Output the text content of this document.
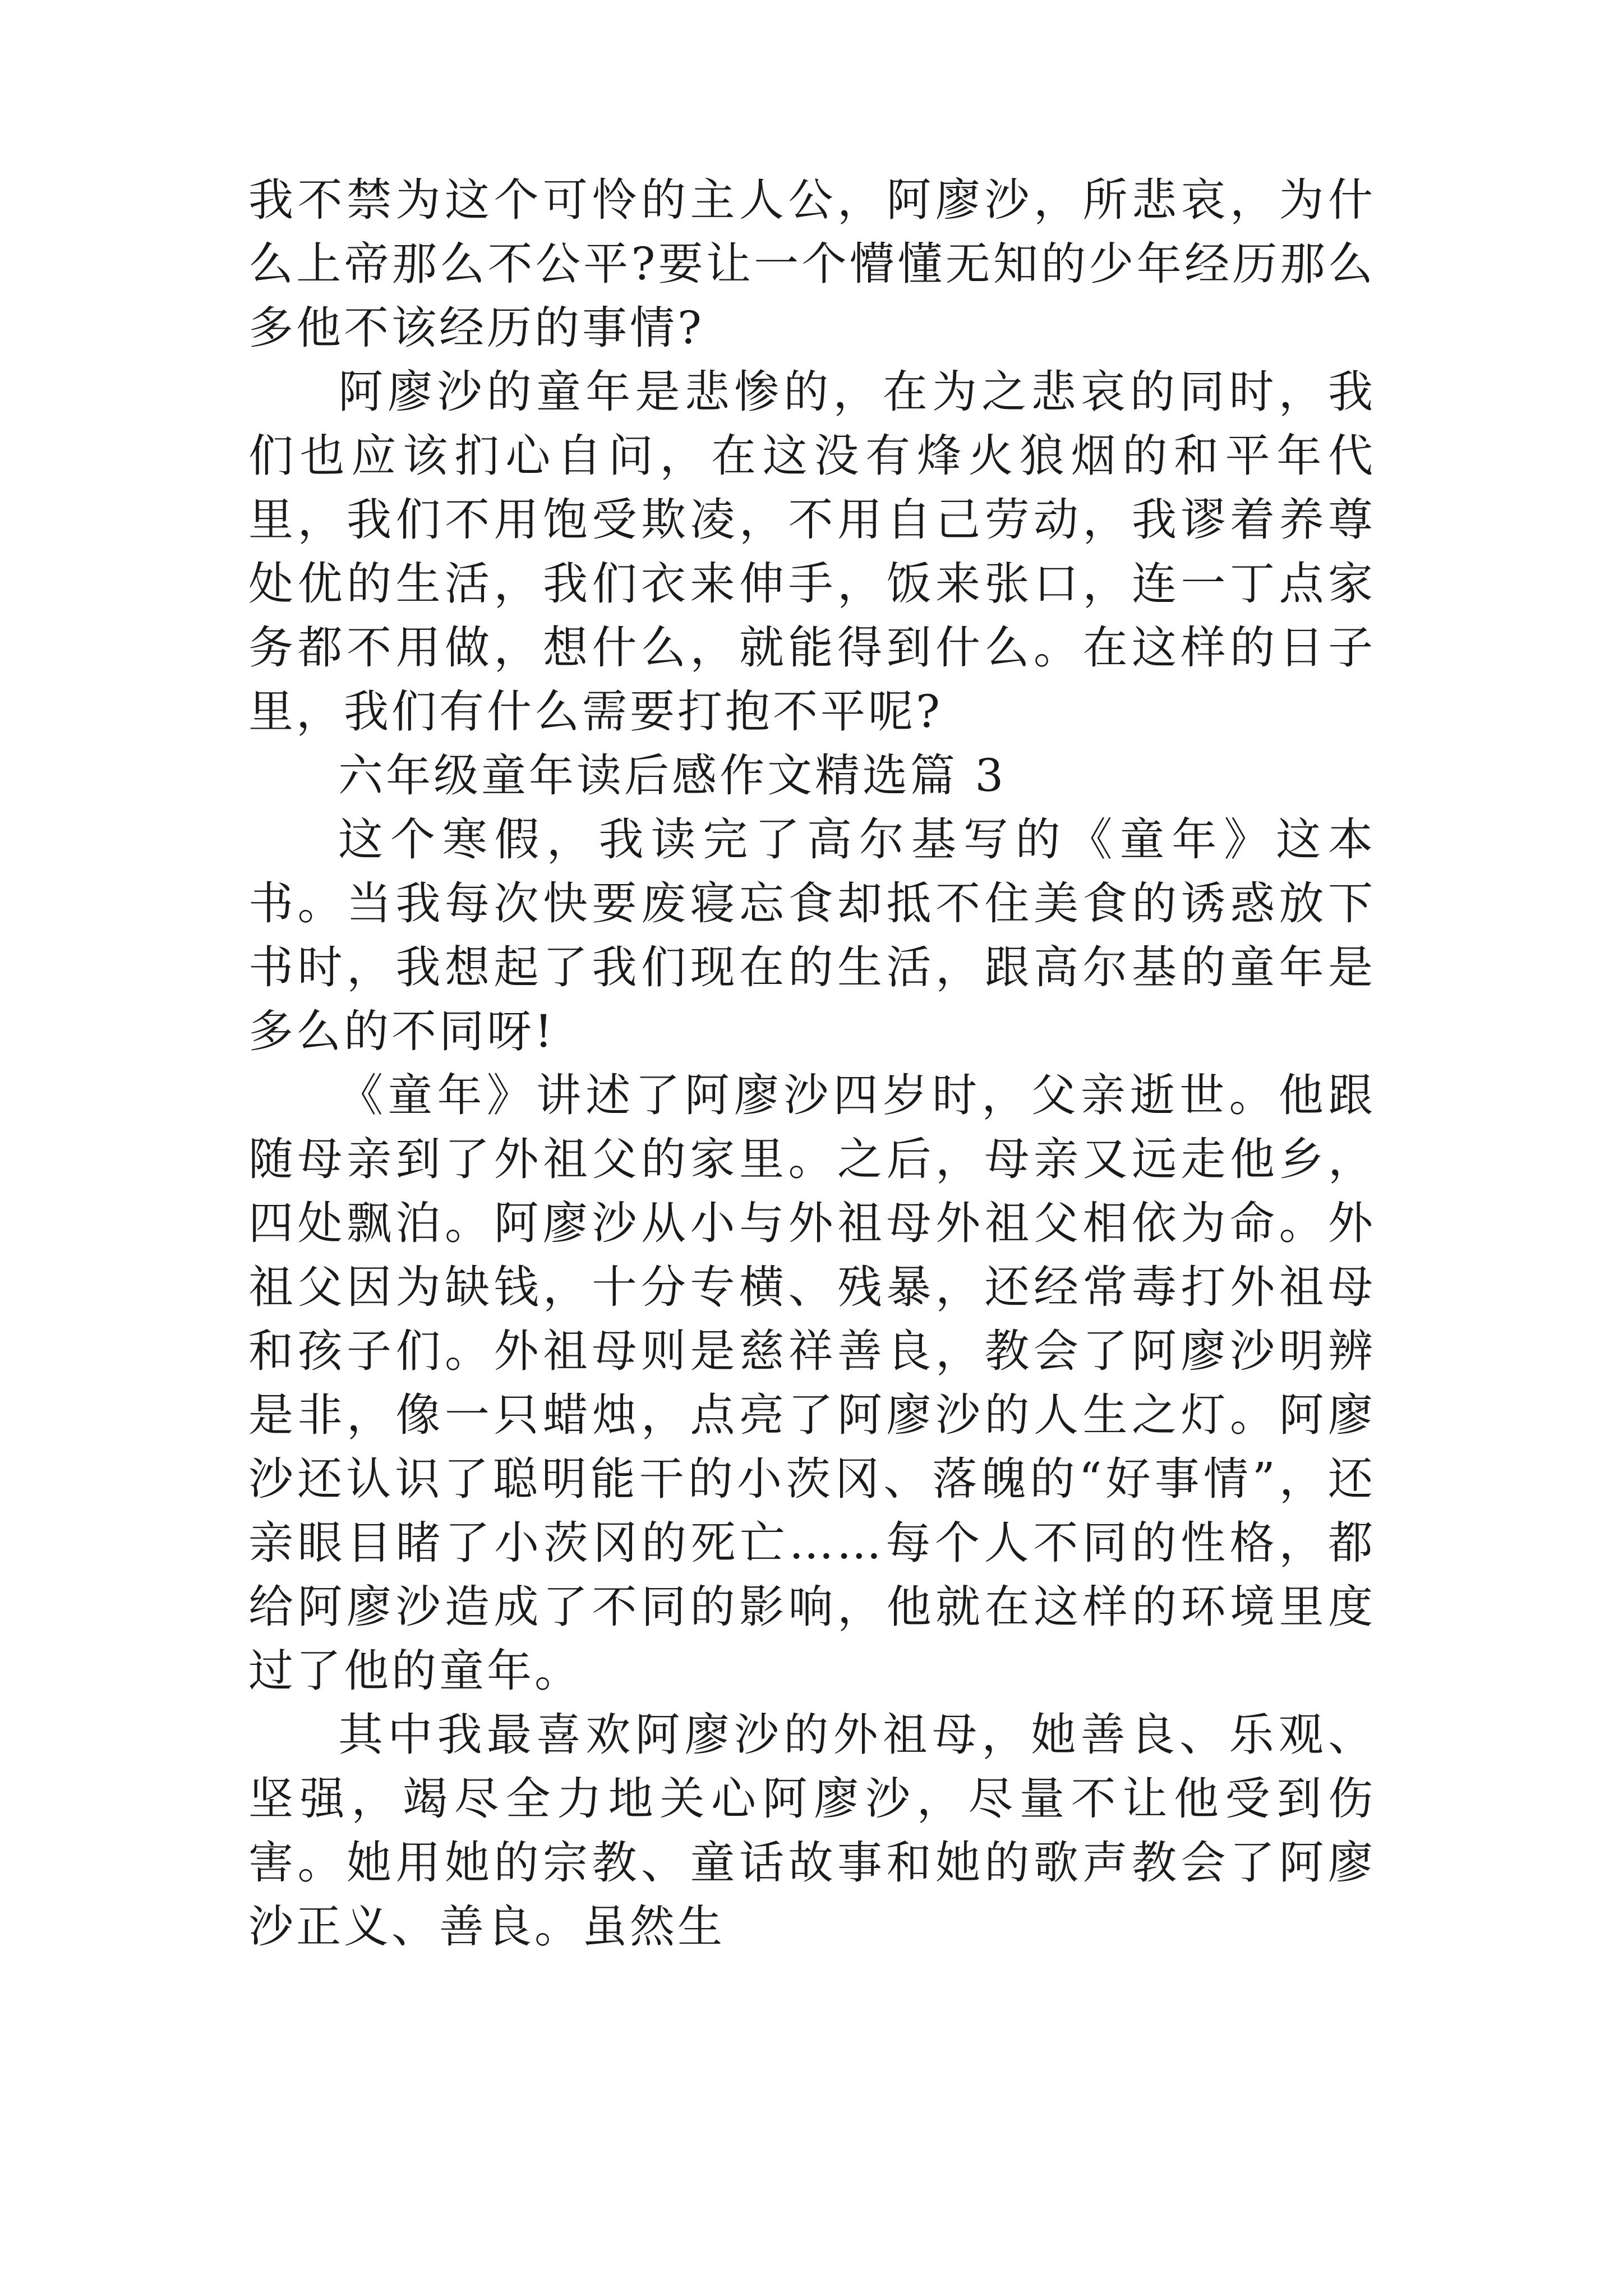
我不禁为这个可怜的主人公，阿廖沙，所悲哀，为什么上帝那么不公平?要让一个懵懂无知的少年经历那么多他不该经历的事情?

阿廖沙的童年是悲惨的，在为之悲哀的同时，我们也应该扪心自问，在这没有烽火狼烟的和平年代里，我们不用饱受欺凌，不用自己劳动，我谬着养尊处优的生活，我们衣来伸手，饭来张口，连一丁点家务都不用做，想什么，就能得到什么。在这样的日子里，我们有什么需要打抱不平呢?

六年级童年读后感作文精选篇 3

这个寒假，我读完了高尔基写的《童年》这本书。当我每次快要废寝忘食却抵不住美食的诱惑放下书时，我想起了我们现在的生活，跟高尔基的童年是多么的不同呀!

《童年》讲述了阿廖沙四岁时，父亲逝世。他跟随母亲到了外祖父的家里。之后，母亲又远走他乡，四处飘泊。阿廖沙从小与外祖母外祖父相依为命。外祖父因为缺钱，十分专横、残暴，还经常毒打外祖母和孩子们。外祖母则是慈祥善良，教会了阿廖沙明辨是非，像一只蜡烛，点亮了阿廖沙的人生之灯。阿廖沙还认识了聪明能干的小茨冈、落魄的“好事情”，还亲眼目睹了小茨冈的死亡……每个人不同的性格，都给阿廖沙造成了不同的影响，他就在这样的环境里度过了他的童年。

其中我最喜欢阿廖沙的外祖母，她善良、乐观、坚强，竭尽全力地关心阿廖沙，尽量不让他受到伤害。她用她的宗教、童话故事和她的歌声教会了阿廖沙正义、善良。虽然生
